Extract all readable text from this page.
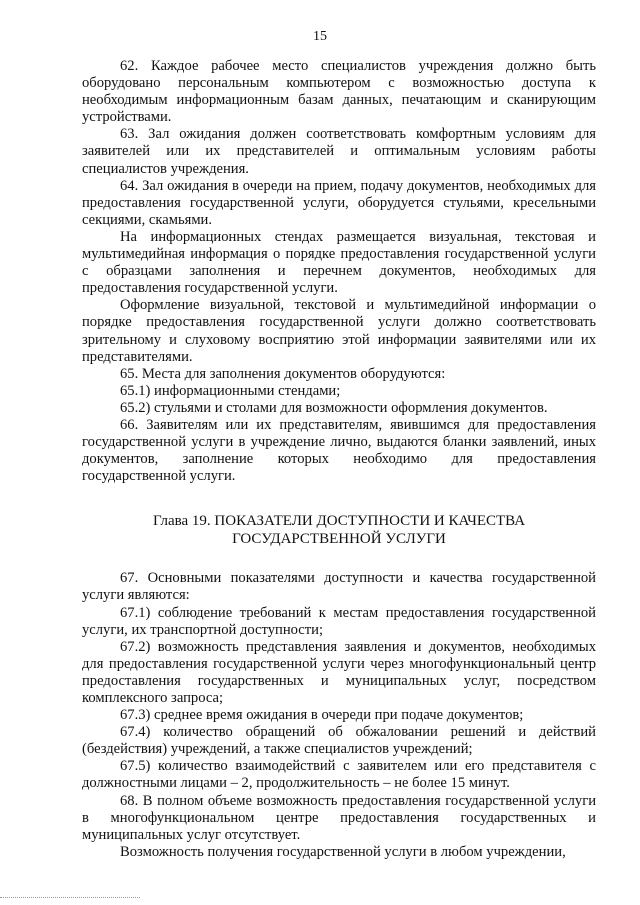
15

62. Каждое рабочее место специалистов учреждения должно быть оборудовано персональным компьютером с возможностью доступа к необходимым информационным базам данных, печатающим и сканирующим устройствами.

63. Зал ожидания должен соответствовать комфортным условиям для заявителей или их представителей и оптимальным условиям работы специалистов учреждения.

64. Зал ожидания в очереди на прием, подачу документов, необходимых для предоставления государственной услуги, оборудуется стульями, кресельными секциями, скамьями.

На информационных стендах размещается визуальная, текстовая и мультимедийная информация о порядке предоставления государственной услуги с образцами заполнения и перечнем документов, необходимых для предоставления государственной услуги.

Оформление визуальной, текстовой и мультимедийной информации о порядке предоставления государственной услуги должно соответствовать зрительному и слуховому восприятию этой информации заявителями или их представителями.

65. Места для заполнения документов оборудуются:

65.1) информационными стендами;

65.2) стульями и столами для возможности оформления документов.

66. Заявителям или их представителям, явившимся для предоставления государственной услуги в учреждение лично, выдаются бланки заявлений, иных документов, заполнение которых необходимо для предоставления государственной услуги.

Глава 19. ПОКАЗАТЕЛИ ДОСТУПНОСТИ И КАЧЕСТВА
ГОСУДАРСТВЕННОЙ УСЛУГИ

67. Основными показателями доступности и качества государственной услуги являются:

67.1) соблюдение требований к местам предоставления государственной услуги, их транспортной доступности;

67.2) возможность представления заявления и документов, необходимых для предоставления государственной услуги через многофункциональный центр предоставления государственных и муниципальных услуг, посредством комплексного запроса;

67.3) среднее время ожидания в очереди при подаче документов;

67.4) количество обращений об обжаловании решений и действий (бездействия) учреждений, а также специалистов учреждений;

67.5) количество взаимодействий с заявителем или его представителя с должностными лицами – 2, продолжительность – не более 15 минут.

68. В полном объеме возможность предоставления государственной услуги в многофункциональном центре предоставления государственных и муниципальных услуг отсутствует.

Возможность получения государственной услуги в любом учреждении,
